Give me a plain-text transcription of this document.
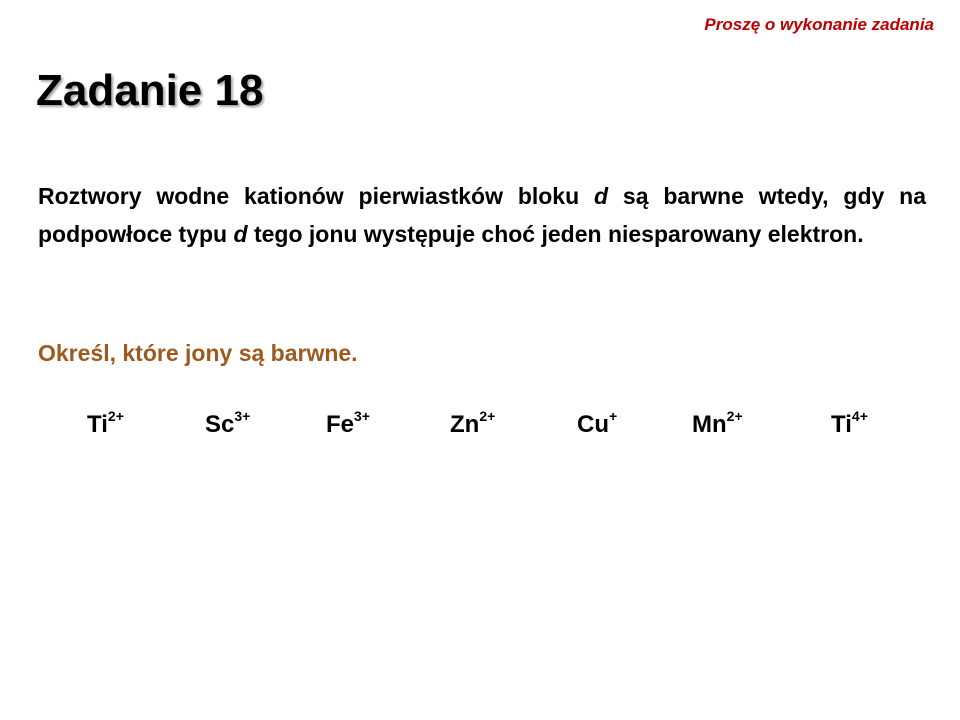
Proszę o wykonanie zadania
Zadanie 18

Roztwory wodne kationów pierwiastków bloku d są barwne wtedy, gdy na podpowłoce typu d tego jonu występuje choć jeden niesparowany elektron.

Określ, które jony są barwne.

$Ti^{2+}$	$Sc^{3+}$	$Fe^{3+}$	$Zn^{2+}$	Cu+	$Mn^{2+}$	$Ti^{4+}$
